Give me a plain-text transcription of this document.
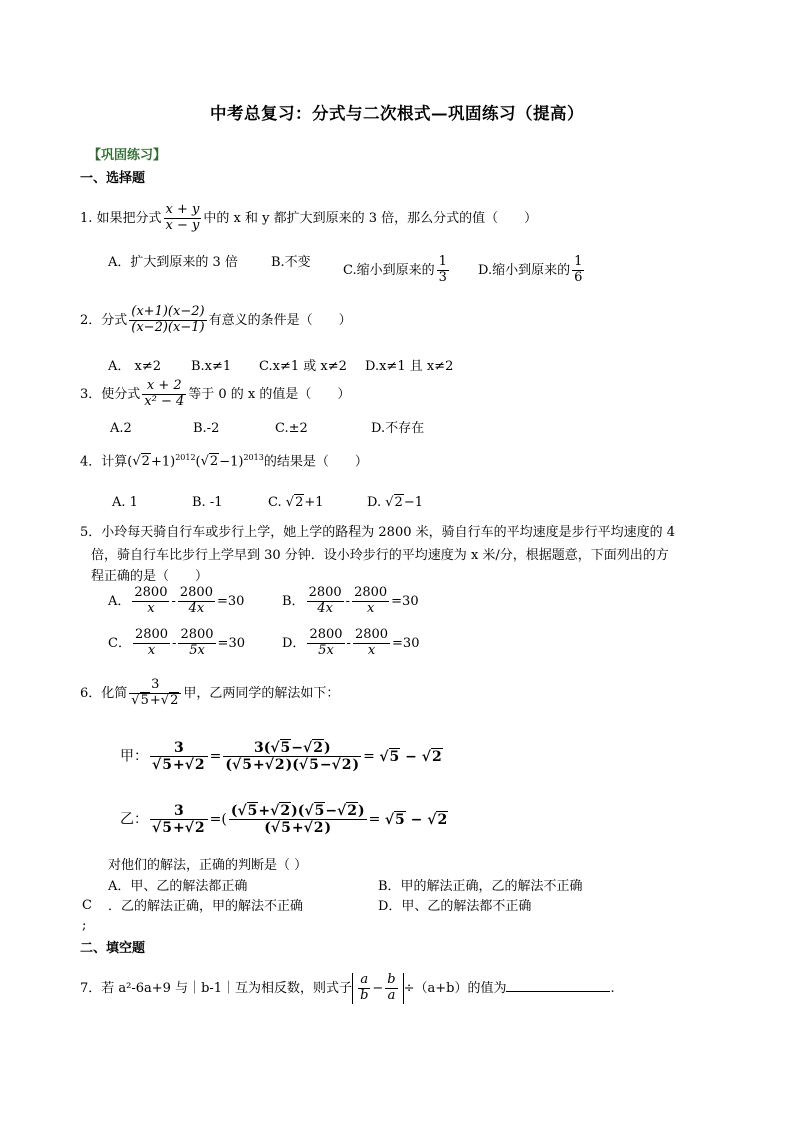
中考总复习：分式与二次根式—巩固练习（提高）
【巩固练习】
一、选择题
1. 如果把分式 $\frac{x + y}{x - y}$ 中的 x 和 y 都扩大到原来的 3 倍，那么分式的值（　　）
A．扩大到原来的 3 倍	B.不变
C.缩小到原来的 $\frac{1}{3} D$.缩小到原来的 $\frac{1}{6}$
2．分式 $\frac{(x+1)(x-2)}{(x-2)(x-1)}$ 有意义的条件是（　　）
A． x≠2 B.x≠1 C.x≠1 或 x≠2 D.x≠1 且 x≠2
3．使分式 $\frac{x + 2}{\text{x² − 4}}$ 等于 0 的 x 的值是（　　）
A.2	B.-2	C.±2	D.不存在
4．计算$(√2+1)^{2012}(√2-1)^{2013}$的结果是（　　）
A. 1	B. -1	C. √2+1	D. √2−1
5．小玲每天骑自行车或步行上学，她上学的路程为 2800 米，骑自行车的平均速度是步行平均速度的 4
倍，骑自行车比步行上学早到 30 分钟．设小玲步行的平均速度为 x 米/分，根据题意，下面列出的方
程正确的是（　　）
A． $\frac{2800}{x} - \frac{2800}{4x} =30$	B． $\frac{2800}{4x} - \frac{2800}{x} =30$
C． $\frac{2800}{x} - \frac{2800}{5x} =30$	D． $\frac{2800}{5x} - \frac{2800}{x} =30$
6．化简 $\frac{3}{√5+√2}$ 甲，乙两同学的解法如下：
甲： $\frac{3}{√5+√2} = \frac{3(√5-√2)}{(√5+√2)(√5-√2)} = √5 - √2$
乙： $\frac{3}{√5+√2}$ =( $\frac{(√5+√2)(√5-√2)}{(√5+√2)} = √5 - √2$
对他们的解法，正确的判断是（ ）
A．甲、乙的解法都正确	B．甲的解法正确，乙的解法不正确
C ．乙的解法正确，甲的解法不正确	D．甲、乙的解法都不正确
;
二、填空题
7．若 a²-6a+9 与｜b-1｜互为相反数，则式子 $\frac{a}{b} - \frac{b}{a} \div(a+b)$的值为	.
